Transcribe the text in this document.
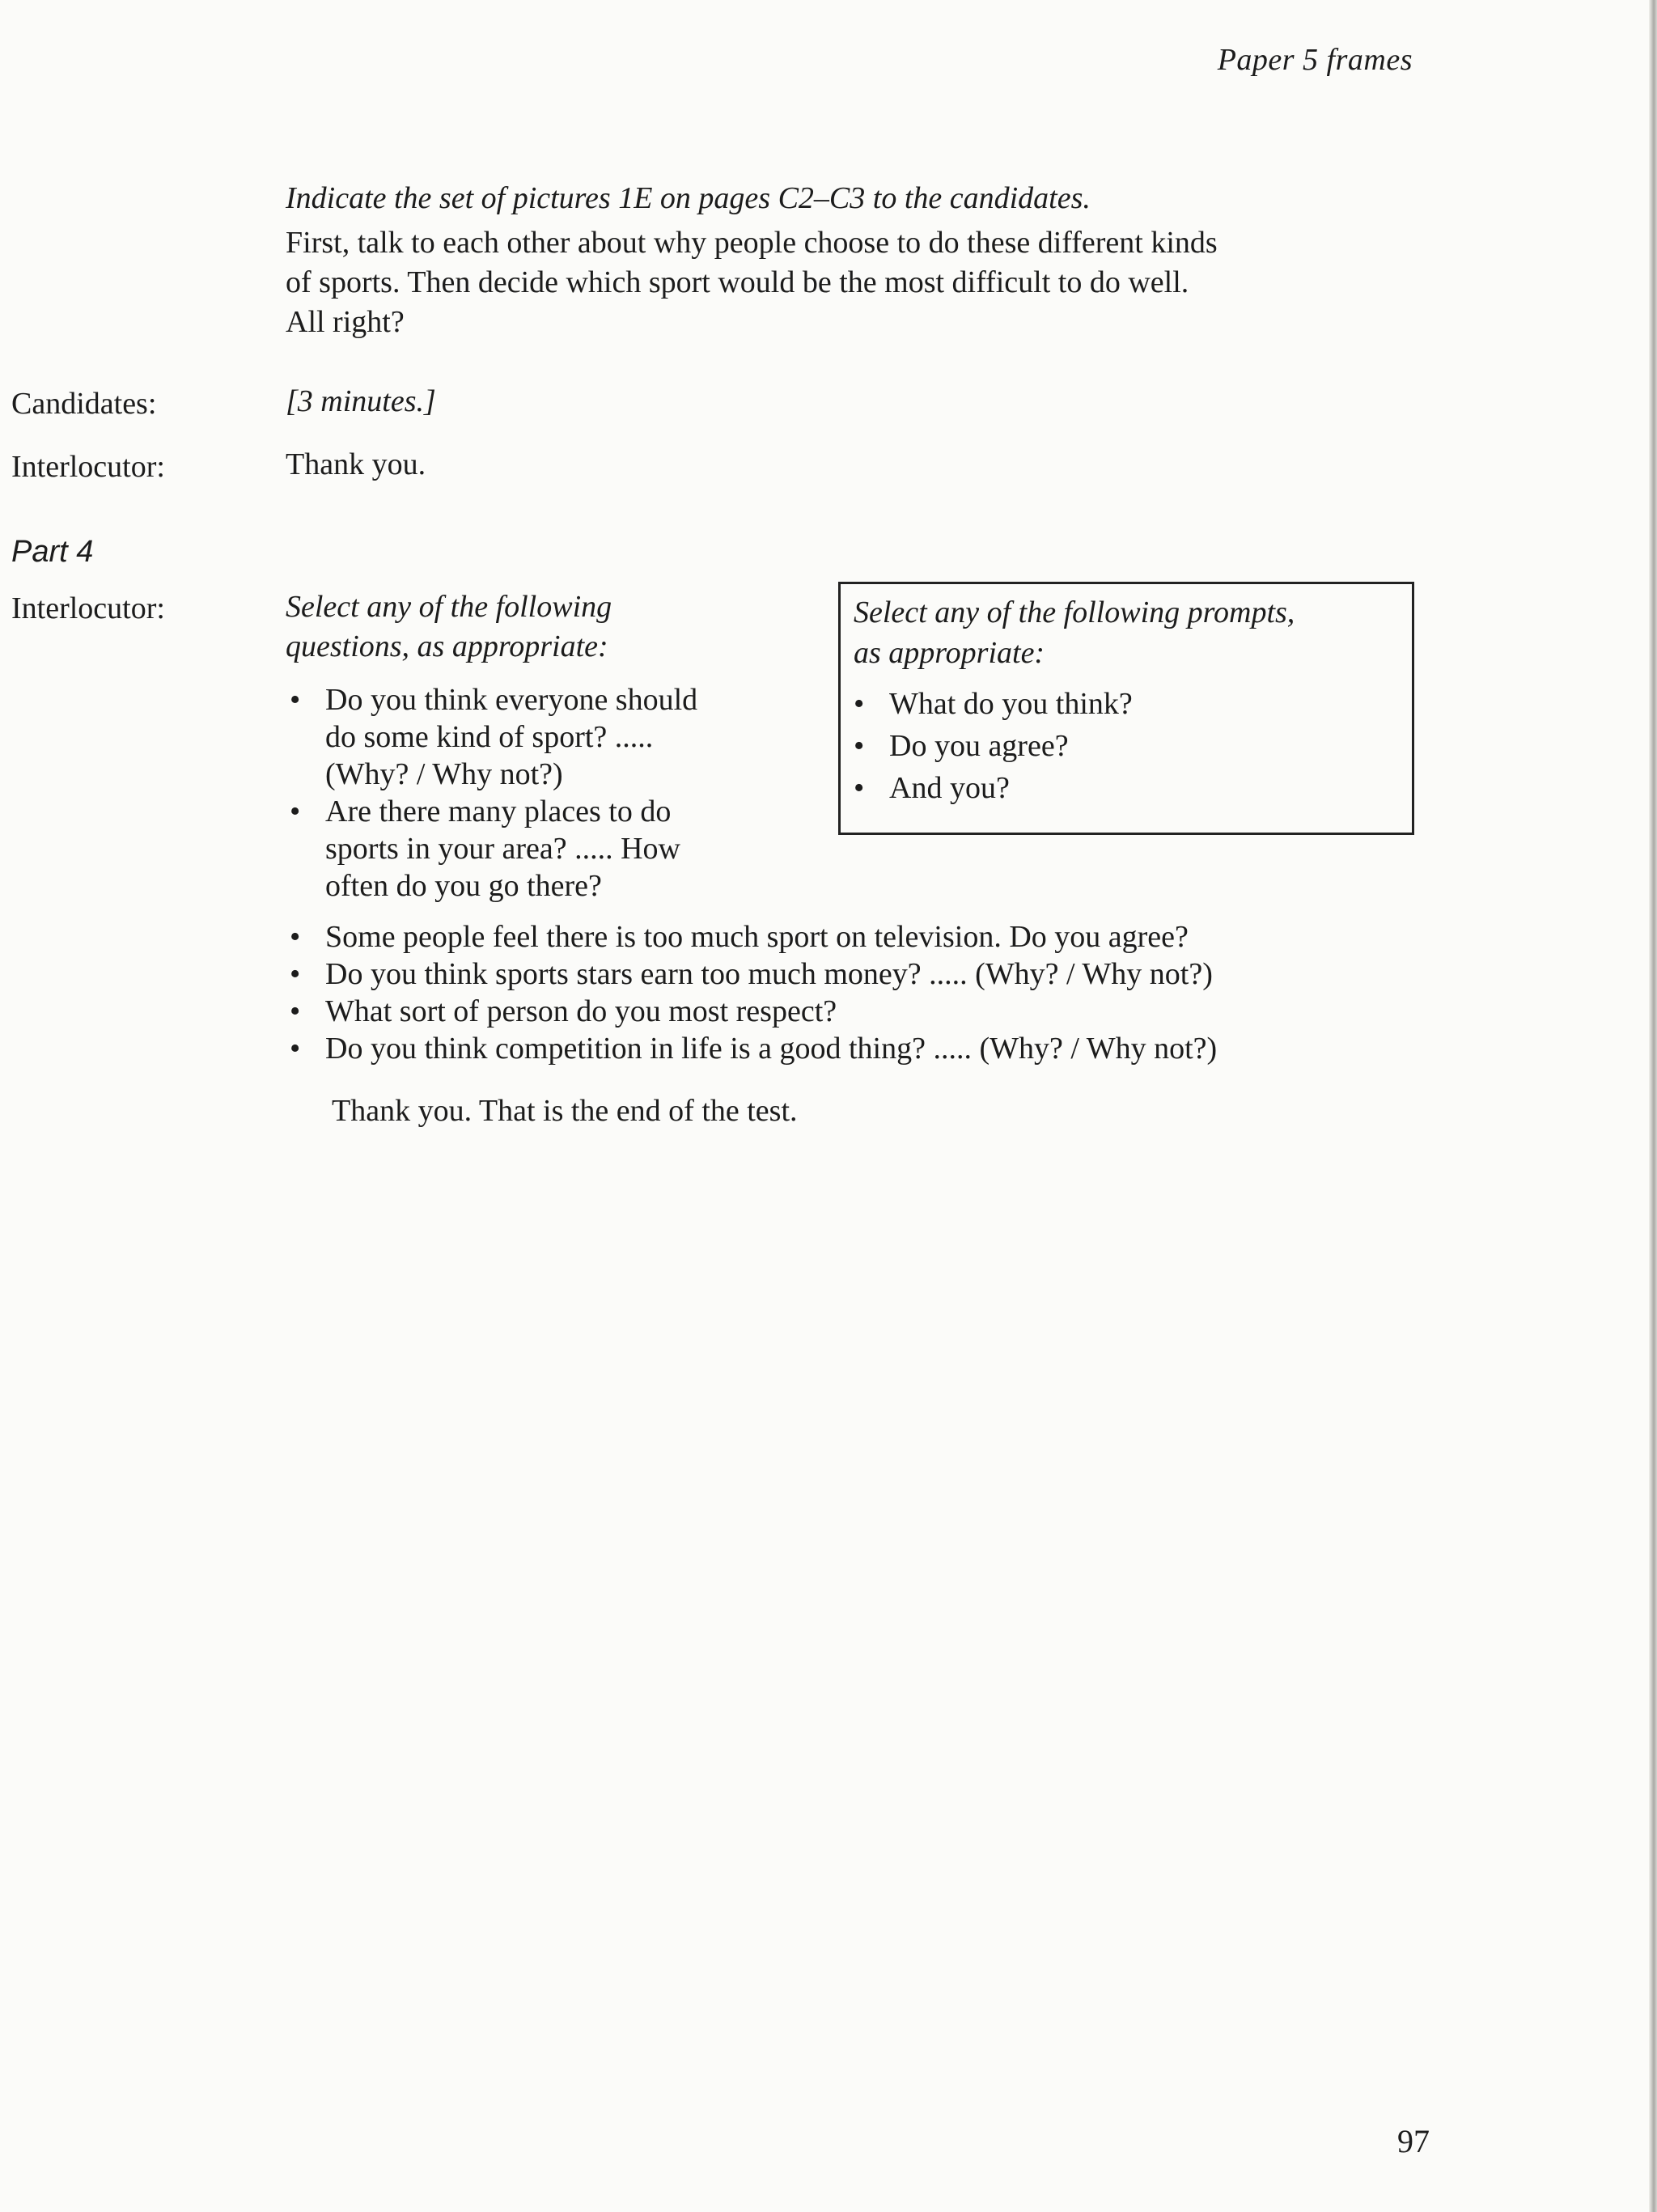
Paper 5 frames
Indicate the set of pictures 1E on pages C2–C3 to the candidates.
First, talk to each other about why people choose to do these different kinds
of sports. Then decide which sport would be the most difficult to do well.
All right?
Candidates:	[3 minutes.]
Interlocutor:	Thank you.
Part 4
Interlocutor:	Select any of the following
questions, as appropriate:
• Do you think everyone should
do some kind of sport? .....
(Why? / Why not?)
• Are there many places to do
sports in your area? ..... How
often do you go there?
• Some people feel there is too much sport on television. Do you agree?
• Do you think sports stars earn too much money? ..... (Why? / Why not?)
• What sort of person do you most respect?
• Do you think competition in life is a good thing? ..... (Why? / Why not?)
Select any of the following prompts,
as appropriate:
• What do you think?
• Do you agree?
• And you?
Thank you. That is the end of the test.
97
